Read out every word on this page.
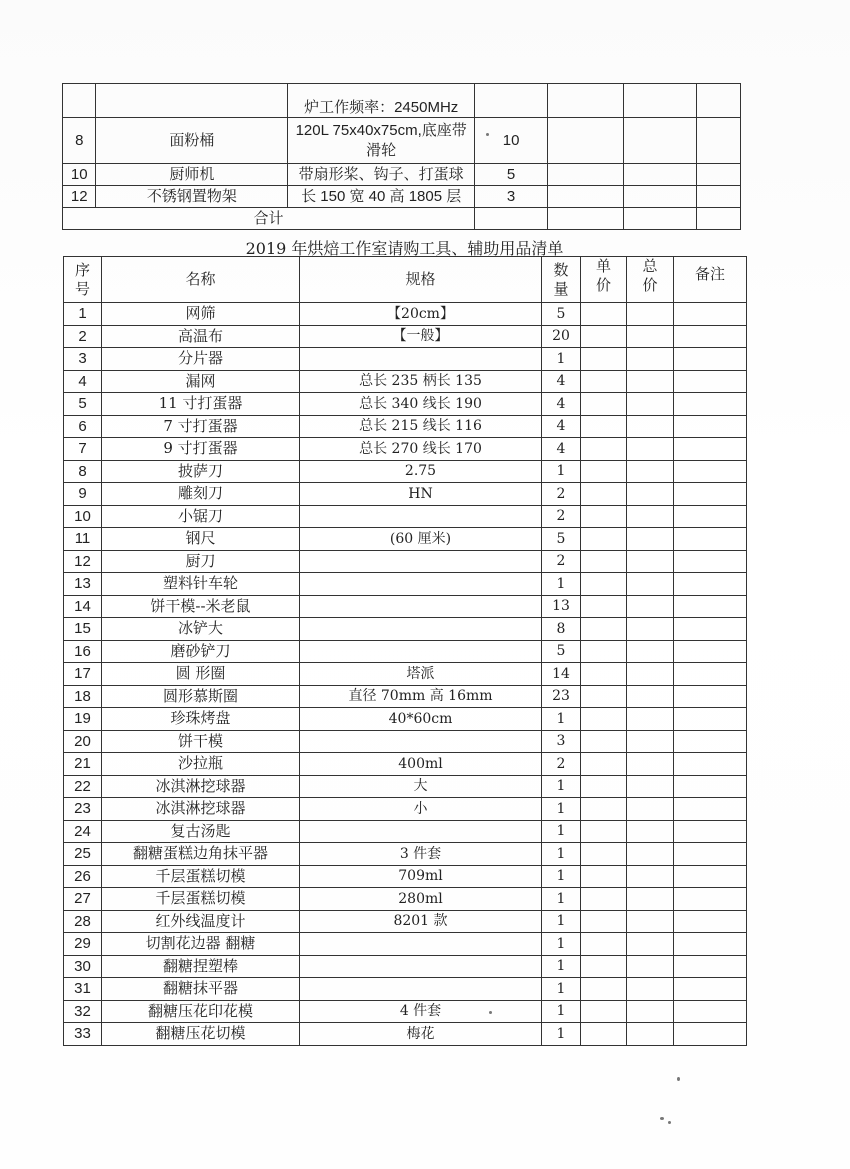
		炉工作频率：2450MHz				
8	面粉桶	120L 75x40x75cm,底座带滑轮	10			
10	厨师机	带扇形桨、钩子、打蛋球	5			
12	不锈钢置物架	长 150 宽 40 高 1805 层	3			
合计						
2019 年烘焙工作室请购工具、辅助用品清单
序号	名称	规格	数量	单价	总价	备注
1	网筛	【20cm】	5			
2	高温布	【一般】	20			
3	分片器		1			
4	漏网	总长 235 柄长 135	4			
5	11 寸打蛋器	总长 340 线长 190	4			
6	7 寸打蛋器	总长 215 线长 116	4			
7	9 寸打蛋器	总长 270 线长 170	4			
8	披萨刀	2.75	1			
9	雕刻刀	HN	2			
10	小锯刀		2			
11	钢尺	(60 厘米)	5			
12	厨刀		2			
13	塑料针车轮		1			
14	饼干模--米老鼠		13			
15	冰铲大		8			
16	磨砂铲刀		5			
17	圆 形圈	塔派	14			
18	圆形慕斯圈	直径 70mm 高 16mm	23			
19	珍珠烤盘	40*60cm	1			
20	饼干模		3			
21	沙拉瓶	400ml	2			
22	冰淇淋挖球器	大	1			
23	冰淇淋挖球器	小	1			
24	复古汤匙		1			
25	翻糖蛋糕边角抹平器	3 件套	1			
26	千层蛋糕切模	709ml	1			
27	千层蛋糕切模	280ml	1			
28	红外线温度计	8201 款	1			
29	切割花边器 翻糖		1			
30	翻糖捏塑棒		1			
31	翻糖抹平器		1			
32	翻糖压花印花模	4 件套	1			
33	翻糖压花切模	梅花	1			
